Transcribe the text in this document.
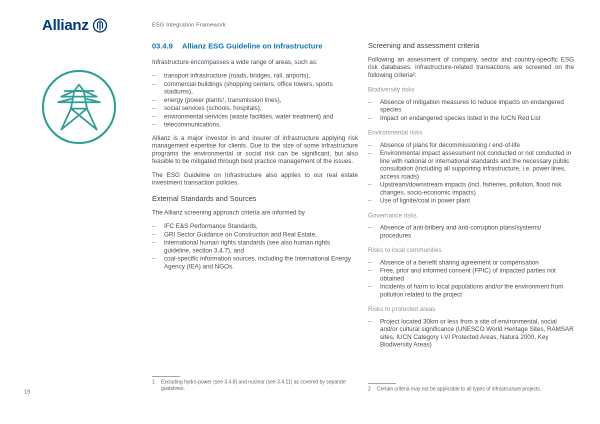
Allianz	ESG Integration Framework
03.4.9 Allianz ESG Guideline on Infrastructure

Infrastructure encompasses a wide range of areas, such as:

– transport infrastructure (roads, bridges, rail, airports),
– commercial buildings (shopping centers, office towers, sports stadiums),
– energy (power plants¹, transmission lines),
– social services (schools, hospitals),
– environmental services (waste facilities, water treatment) and
– telecommunications.

Allianz is a major investor in and insurer of infrastructure applying risk management expertise for clients. Due to the size of some infrastructure programs the environmental or social risk can be significant, but also feasible to be mitigated through best practice management of the issues.

The ESG Guideline on Infrastructure also applies to our real estate investment transaction policies.

External Standards and Sources

The Allianz screening approach criteria are informed by

– IFC E&S Performance Standards,
– GRI Sector Guidance on Construction and Real Estate,
– international human rights standards (see also human rights guideline, section 3.4.7), and
– coal-specific information sources, including the International Energy Agency (IEA) and NGOs.
Screening and assessment criteria

Following an assessment of company, sector and country-specific ESG risk databases, infrastructure-related transactions are screened on the following criteria²:

Biodiversity risks
– Absence of mitigation measures to reduce impacts on endangered species
– Impact on endangered species listed in the IUCN Red List
Environmental risks
– Absence of plans for decommissioning / end-of-life
– Environmental impact assessment not conducted or not conducted in line with national or international standards and the necessary public consultation (including all supporting infrastructure, i.e. power lines, access roads)
– Upstream/downstream impacts (incl. fisheries, pollution, flood risk changes, socio-economic impacts)
– Use of lignite/coal in power plant
Governance risks
– Absence of anti-bribery and anti-corruption plans/systems/ procedures
Risks to local communities
– Absence of a benefit sharing agreement or compensation
– Free, prior and informed consent (FPIC) of impacted parties not obtained
– Incidents of harm to local populations and/or the environment from pollution related to the project
Risks to protected areas
– Project located 30km or less from a site of environmental, social and/or cultural significance (UNESCO World Heritage Sites, RAMSAR sites, IUCN Category I-VI Protected Areas, Natura 2000, Key Biodiversity Areas)
1 Excluding hydro-power (see 3.4.8) and nuclear (see 3.4.11) as covered by separate guidelines.	2 Certain criteria may not be applicable to all types of infrastructure projects.
19
